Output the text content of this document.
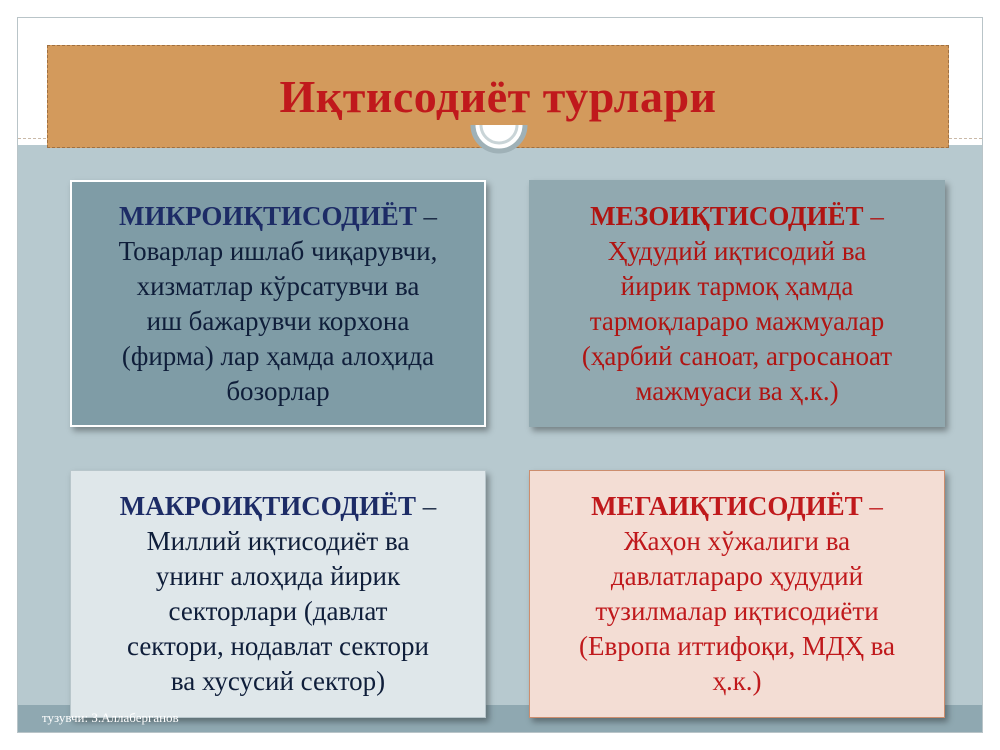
Иқтисодиёт турлари
МИКРОИҚТИСОДИЁТ –
Товарлар ишлаб чиқарувчи,
хизматлар кўрсатувчи ва
иш бажарувчи корхона
(фирма) лар ҳамда алоҳида
бозорлар
МЕЗОИҚТИСОДИЁТ –
Ҳудудий иқтисодий ва
йирик тармоқ ҳамда
тармоқлараро мажмуалар
(ҳарбий саноат, агросаноат
мажмуаси ва ҳ.к.)
МАКРОИҚТИСОДИЁТ –
Миллий иқтисодиёт ва
унинг алоҳида йирик
секторлари (давлат
сектори, нодавлат сектори
ва хусусий сектор)
МЕГАИҚТИСОДИЁТ –
Жаҳон хўжалиги ва
давлатлараро ҳудудий
тузилмалар иқтисодиёти
(Европа иттифоқи, МДҲ ва
ҳ.к.)
тузувчи: З.Аллаберганов
